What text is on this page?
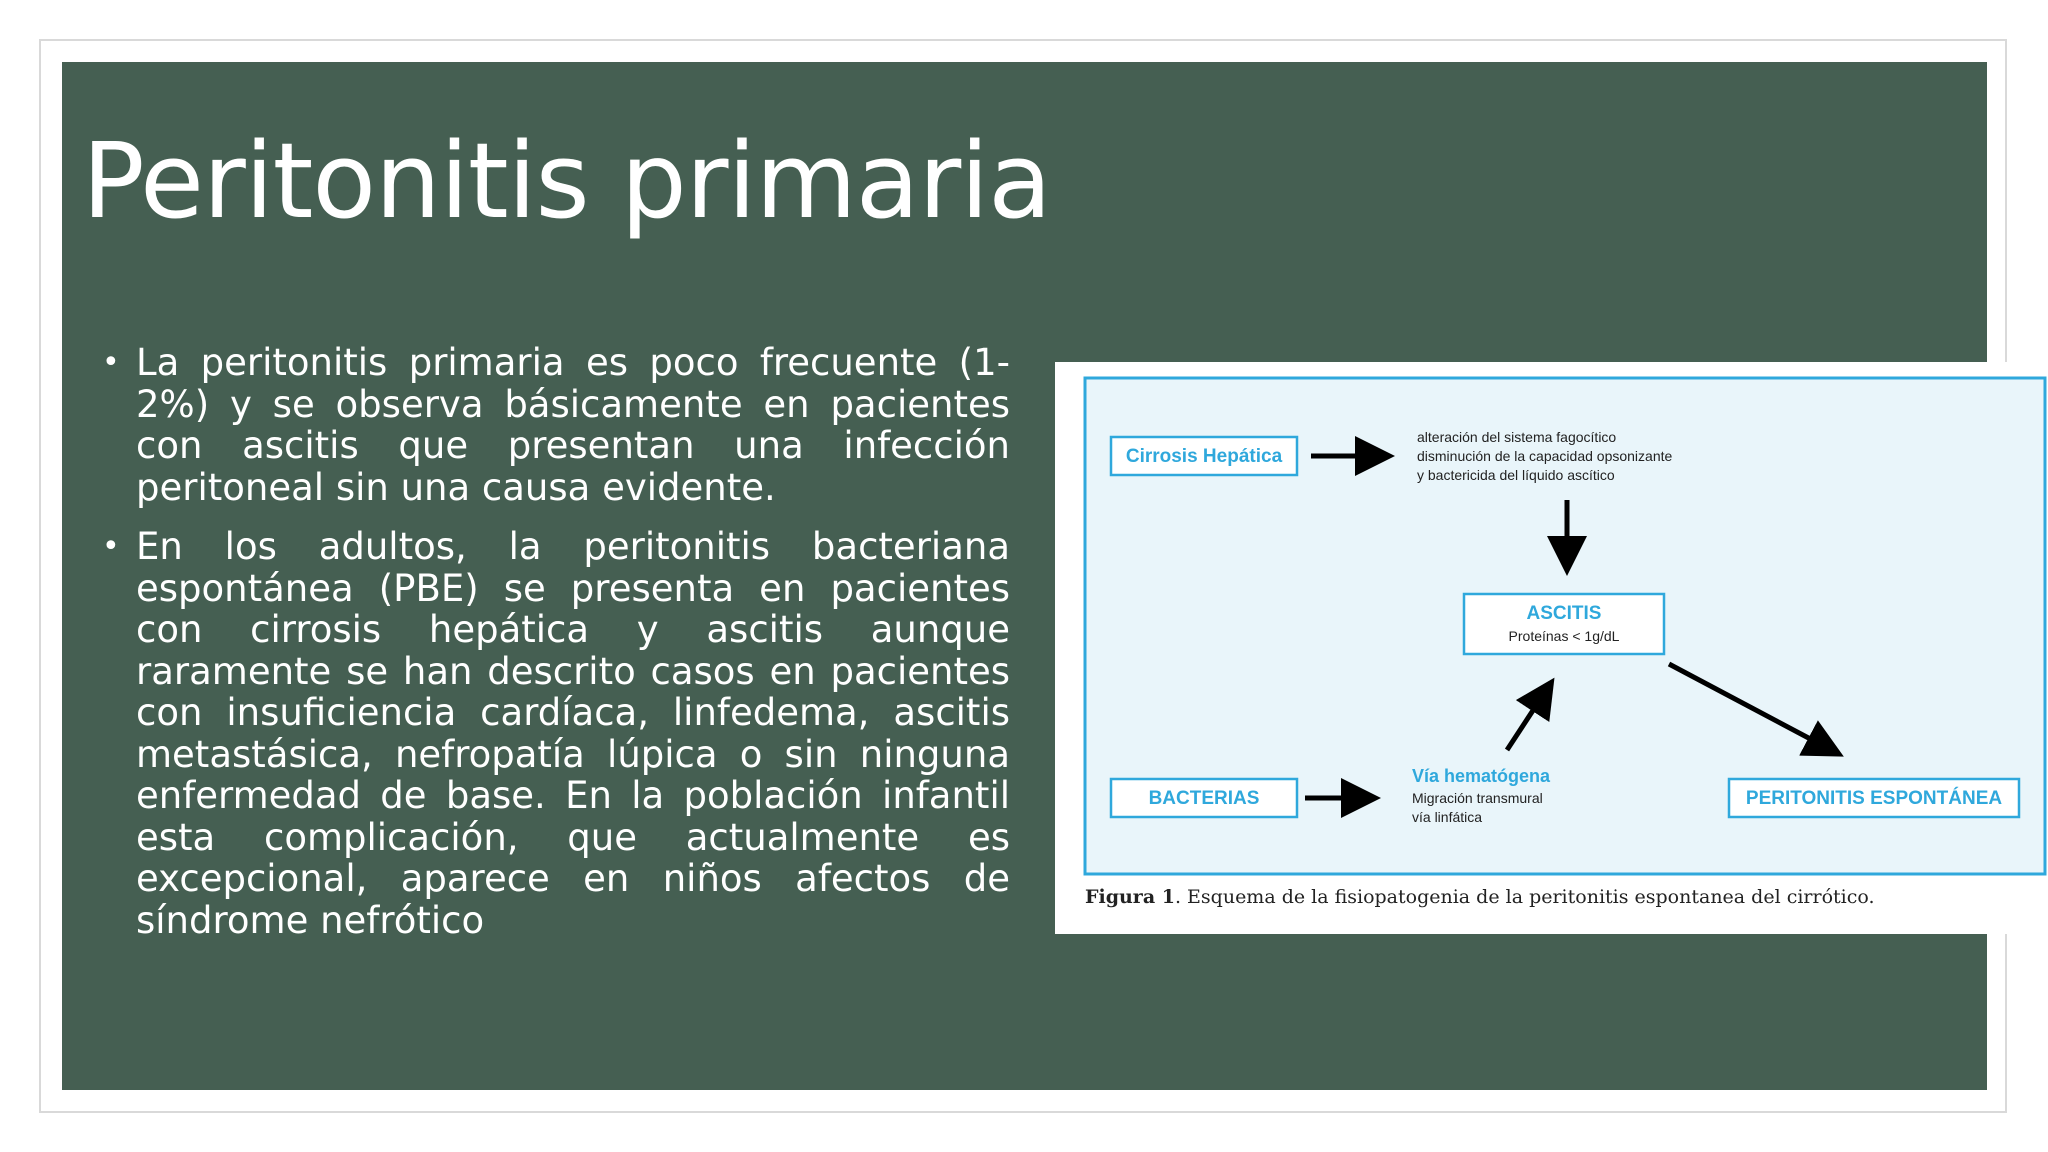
Peritonitis primaria
• La peritonitis primaria es poco frecuente (1-2%) y se observa básicamente en pacientes con ascitis que presentan una infección peritoneal sin una causa evidente.
• En los adultos, la peritonitis bacteriana espontánea (PBE) se presenta en pacientes con cirrosis hepática y ascitis aunque raramente se han descrito casos en pacientes con insuficiencia cardíaca, linfedema, ascitis metastásica, nefropatía lúpica o sin ninguna enfermedad de base. En la población infantil esta complicación, que actualmente es excepcional, aparece en niños afectos de síndrome nefrótico
Cirrosis Hepática
alteración del sistema fagocítico
disminución de la capacidad opsonizante
y bactericida del líquido ascítico
ASCITIS
Proteínas < 1g/dL
BACTERIAS
Vía hematógena
Migración transmural
vía linfática
PERITONITIS ESPONTÁNEA
Figura 1. Esquema de la fisiopatogenia de la peritonitis espontanea del cirrótico.
